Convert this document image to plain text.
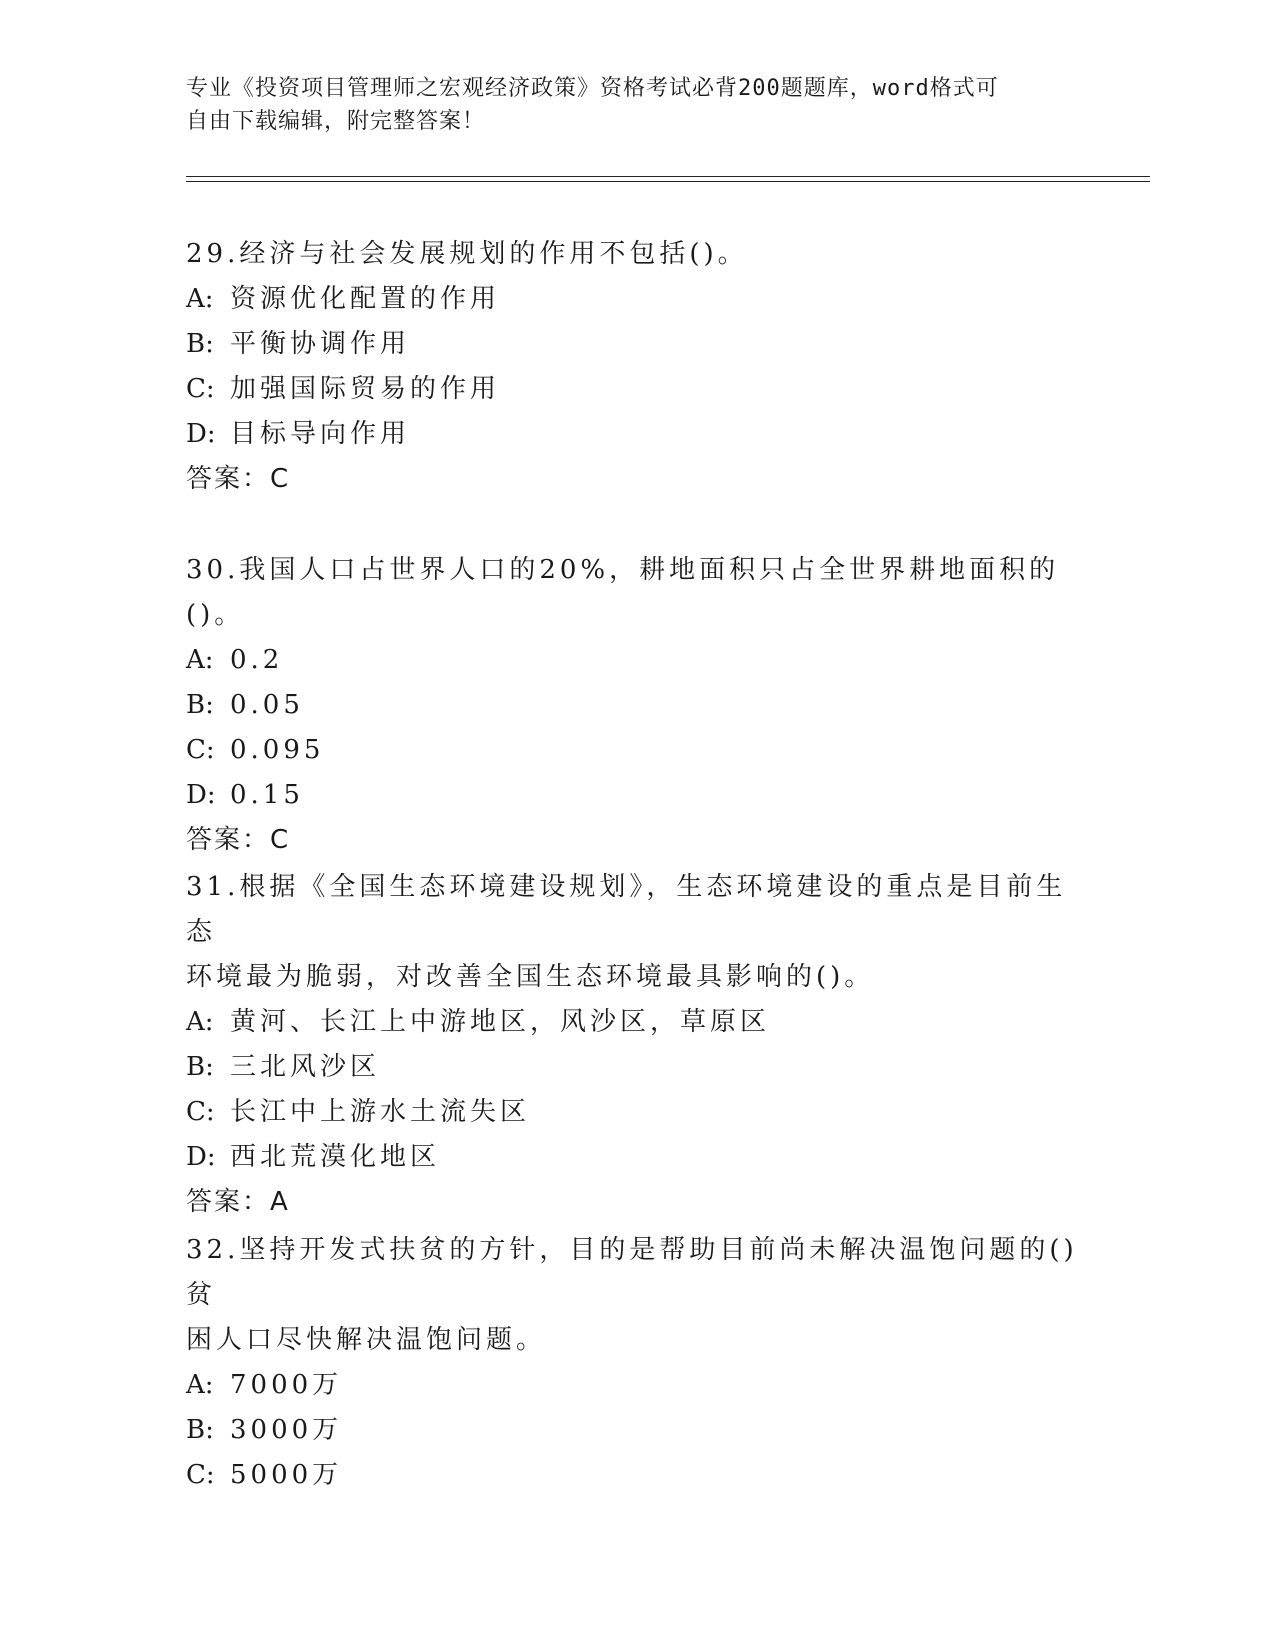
专业《投资项目管理师之宏观经济政策》资格考试必背200题题库，word格式可
自由下载编辑，附完整答案！

29.经济与社会发展规划的作用不包括()。

A: 资源优化配置的作用

B: 平衡协调作用

C: 加强国际贸易的作用

D: 目标导向作用

答案：C

30.我国人口占世界人口的20%，耕地面积只占全世界耕地面积的()。

A: 0.2

B: 0.05

C: 0.095

D: 0.15

答案：C

31.根据《全国生态环境建设规划》，生态环境建设的重点是目前生态

环境最为脆弱，对改善全国生态环境最具影响的()。

A: 黄河、长江上中游地区，风沙区，草原区

B: 三北风沙区

C: 长江中上游水土流失区

D: 西北荒漠化地区

答案：A

32.坚持开发式扶贫的方针，目的是帮助目前尚未解决温饱问题的()贫

困人口尽快解决温饱问题。

A: 7000万

B: 3000万

C: 5000万
